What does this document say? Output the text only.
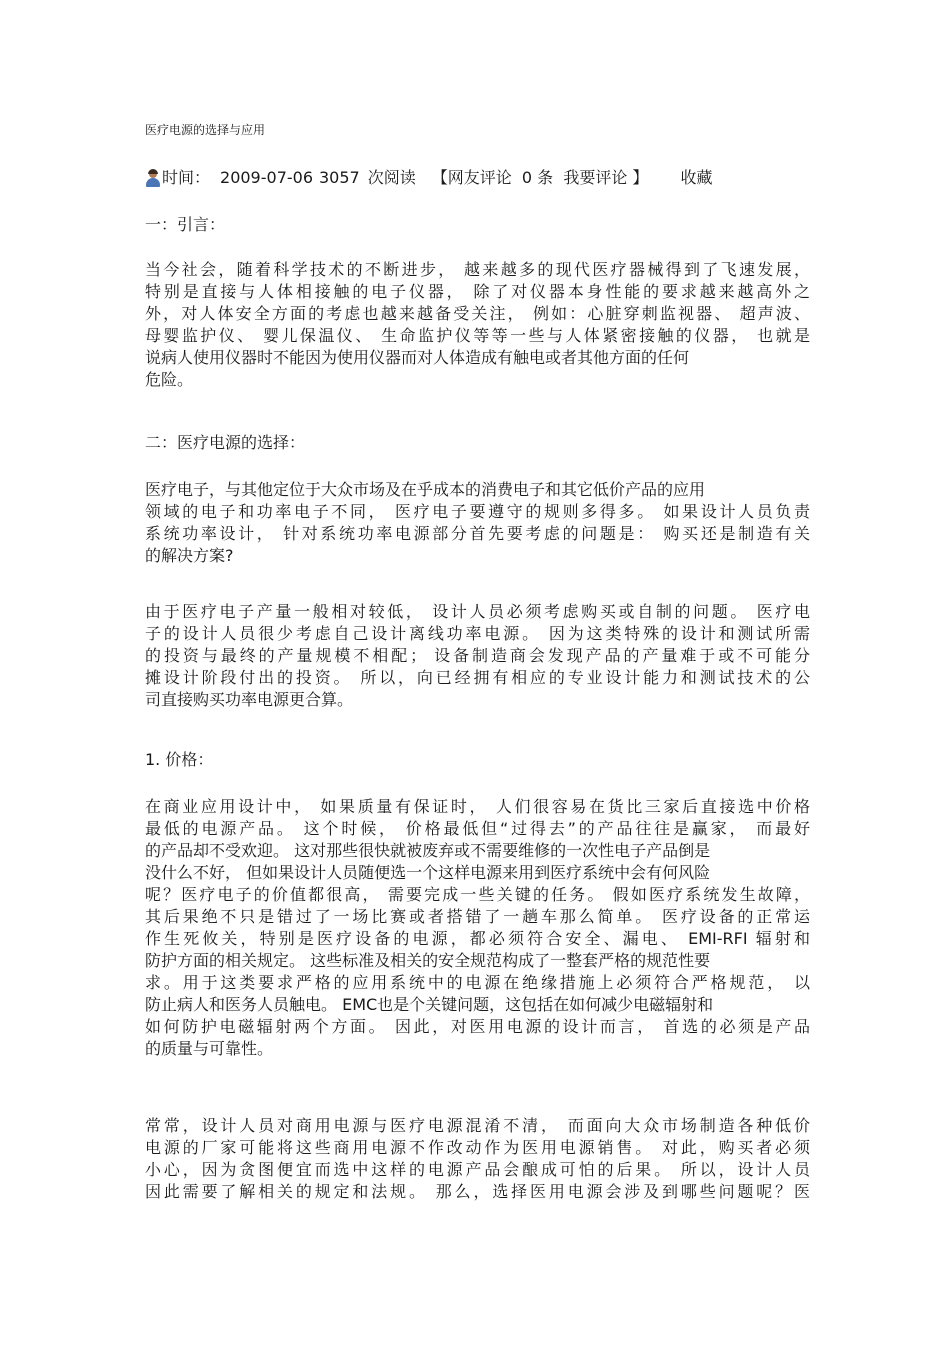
医疗电源的选择与应用
时间： 2009-07-06 3057 次阅读 【网友评论  0 条  我要评论 】 收藏
一：引言：
当今社会，随着科学技术的不断进步， 越来越多的现代医疗器械得到了飞速发展，
特别是直接与人体相接触的电子仪器， 除了对仪器本身性能的要求越来越高外之
外，对人体安全方面的考虑也越来越备受关注， 例如：心脏穿刺监视器、 超声波、
母婴监护仪、 婴儿保温仪、 生命监护仪等等一些与人体紧密接触的仪器， 也就是
说病人使用仪器时不能因为使用仪器而对人体造成有触电或者其他方面的任何
危险。
二：医疗电源的选择：
医疗电子，与其他定位于大众市场及在乎成本的消费电子和其它低价产品的应用
领域的电子和功率电子不同， 医疗电子要遵守的规则多得多。 如果设计人员负责
系统功率设计， 针对系统功率电源部分首先要考虑的问题是： 购买还是制造有关
的解决方案?
由于医疗电子产量一般相对较低， 设计人员必须考虑购买或自制的问题。 医疗电
子的设计人员很少考虑自己设计离线功率电源。 因为这类特殊的设计和测试所需
的投资与最终的产量规模不相配； 设备制造商会发现产品的产量难于或不可能分
摊设计阶段付出的投资。 所以，向已经拥有相应的专业设计能力和测试技术的公
司直接购买功率电源更合算。
1. 价格：
在商业应用设计中， 如果质量有保证时， 人们很容易在货比三家后直接选中价格
最低的电源产品。 这个时候， 价格最低但“过得去”的产品往往是赢家， 而最好
的产品却不受欢迎。 这对那些很快就被废弃或不需要维修的一次性电子产品倒是
没什么不好， 但如果设计人员随便选一个这样电源来用到医疗系统中会有何风险
呢？医疗电子的价值都很高， 需要完成一些关键的任务。 假如医疗系统发生故障，
其后果绝不只是错过了一场比赛或者搭错了一趟车那么简单。 医疗设备的正常运
作生死攸关，特别是医疗设备的电源，都必须符合安全、漏电、 EMI-RFI 辐射和
防护方面的相关规定。 这些标准及相关的安全规范构成了一整套严格的规范性要
求。用于这类要求严格的应用系统中的电源在绝缘措施上必须符合严格规范， 以
防止病人和医务人员触电。 EMC也是个关键问题，这包括在如何减少电磁辐射和
如何防护电磁辐射两个方面。 因此，对医用电源的设计而言， 首选的必须是产品
的质量与可靠性。
常常，设计人员对商用电源与医疗电源混淆不清， 而面向大众市场制造各种低价
电源的厂家可能将这些商用电源不作改动作为医用电源销售。 对此，购买者必须
小心，因为贪图便宜而选中这样的电源产品会酿成可怕的后果。 所以，设计人员
因此需要了解相关的规定和法规。 那么，选择医用电源会涉及到哪些问题呢？医
